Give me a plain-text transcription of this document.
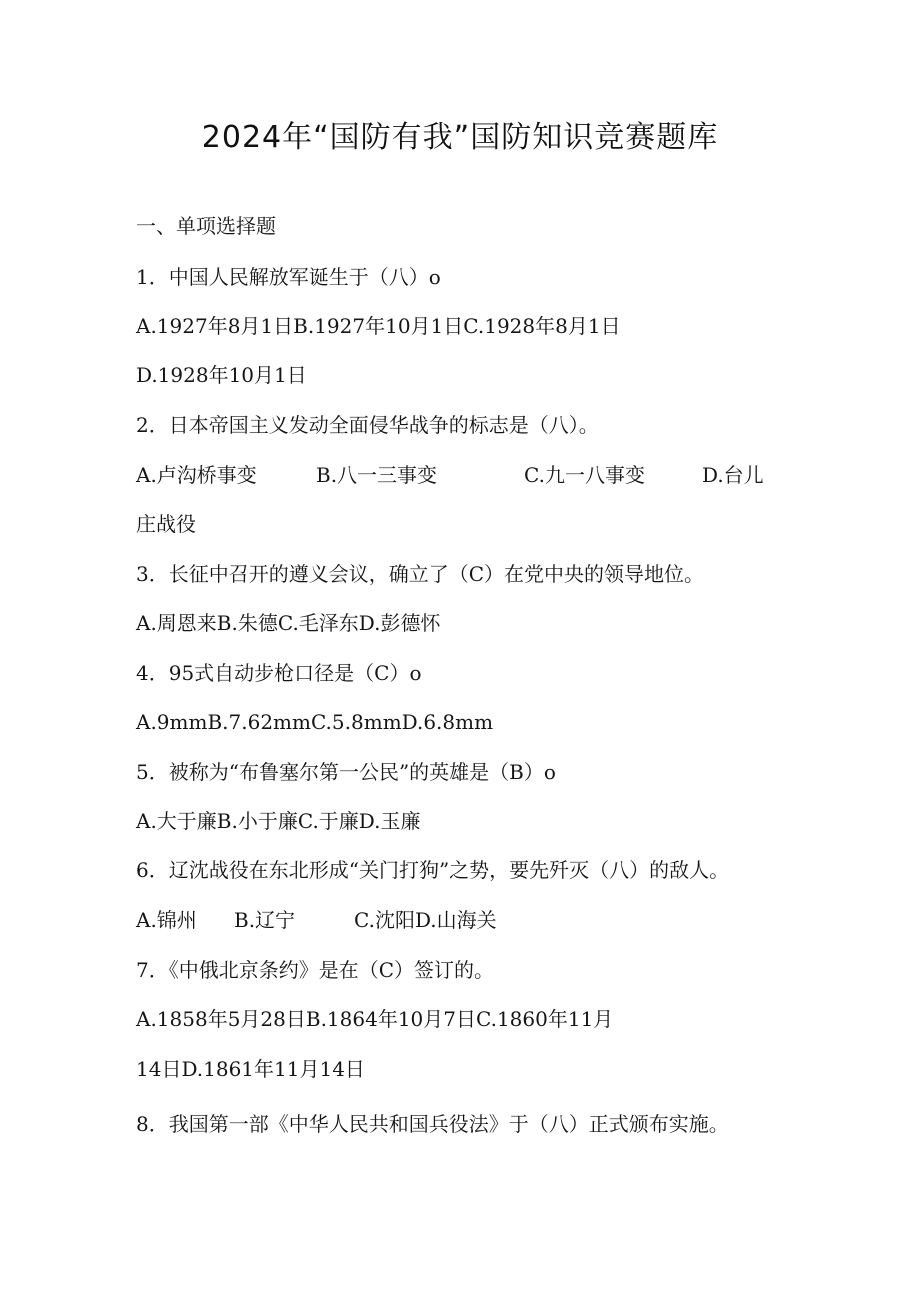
2024年“国防有我”国防知识竞赛题库
一、单项选择题
1．中国人民解放军诞生于（八）o
A.1927年8月1日B.1927年10月1日C.1928年8月1日
D.1928年10月1日
2．日本帝国主义发动全面侵华战争的标志是（八）。
A.卢沟桥事变	B.八一三事变	C.九一八事变	D.台儿
庄战役
3．长征中召开的遵义会议，确立了（C）在党中央的领导地位。
A.周恩来B.朱德C.毛泽东D.彭德怀
4．95式自动步枪口径是（C）o
A.9mmB.7.62mmC.5.8mmD.6.8mm
5．被称为“布鲁塞尔第一公民”的英雄是（B）o
A.大于廉B.小于廉C.于廉D.玉廉
6．辽沈战役在东北形成“关门打狗”之势，要先歼灭（八）的敌人。
A.锦州 B.辽宁	C.沈阳D.山海关
7．《中俄北京条约》是在（C）签订的。
A.1858年5月28日B.1864年10月7日C.1860年11月
14日D.1861年11月14日
8．我国第一部《中华人民共和国兵役法》于（八）正式颁布实施。
